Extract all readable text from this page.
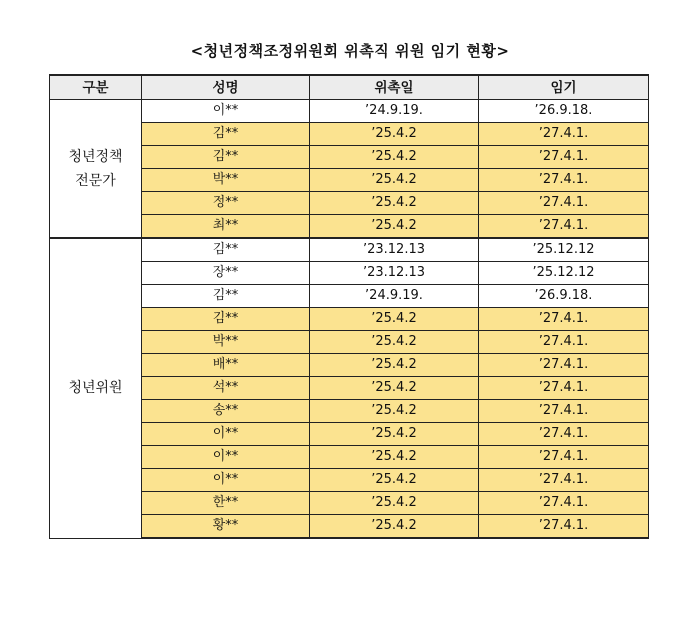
<청년정책조정위원회 위촉직 위원 임기 현황>
구분	성명	위촉일	임기
청년정책
전문가	이**	’24.9.19.	’26.9.18.
	김**	’25.4.2	’27.4.1.
	김**	’25.4.2	’27.4.1.
	박**	’25.4.2	’27.4.1.
	정**	’25.4.2	’27.4.1.
	최**	’25.4.2	’27.4.1.
청년위원	김**	’23.12.13	’25.12.12
	장**	’23.12.13	’25.12.12
	김**	’24.9.19.	’26.9.18.
	김**	’25.4.2	’27.4.1.
	박**	’25.4.2	’27.4.1.
	배**	’25.4.2	’27.4.1.
	석**	’25.4.2	’27.4.1.
	송**	’25.4.2	’27.4.1.
	이**	’25.4.2	’27.4.1.
	이**	’25.4.2	’27.4.1.
	이**	’25.4.2	’27.4.1.
	한**	’25.4.2	’27.4.1.
	황**	’25.4.2	’27.4.1.
